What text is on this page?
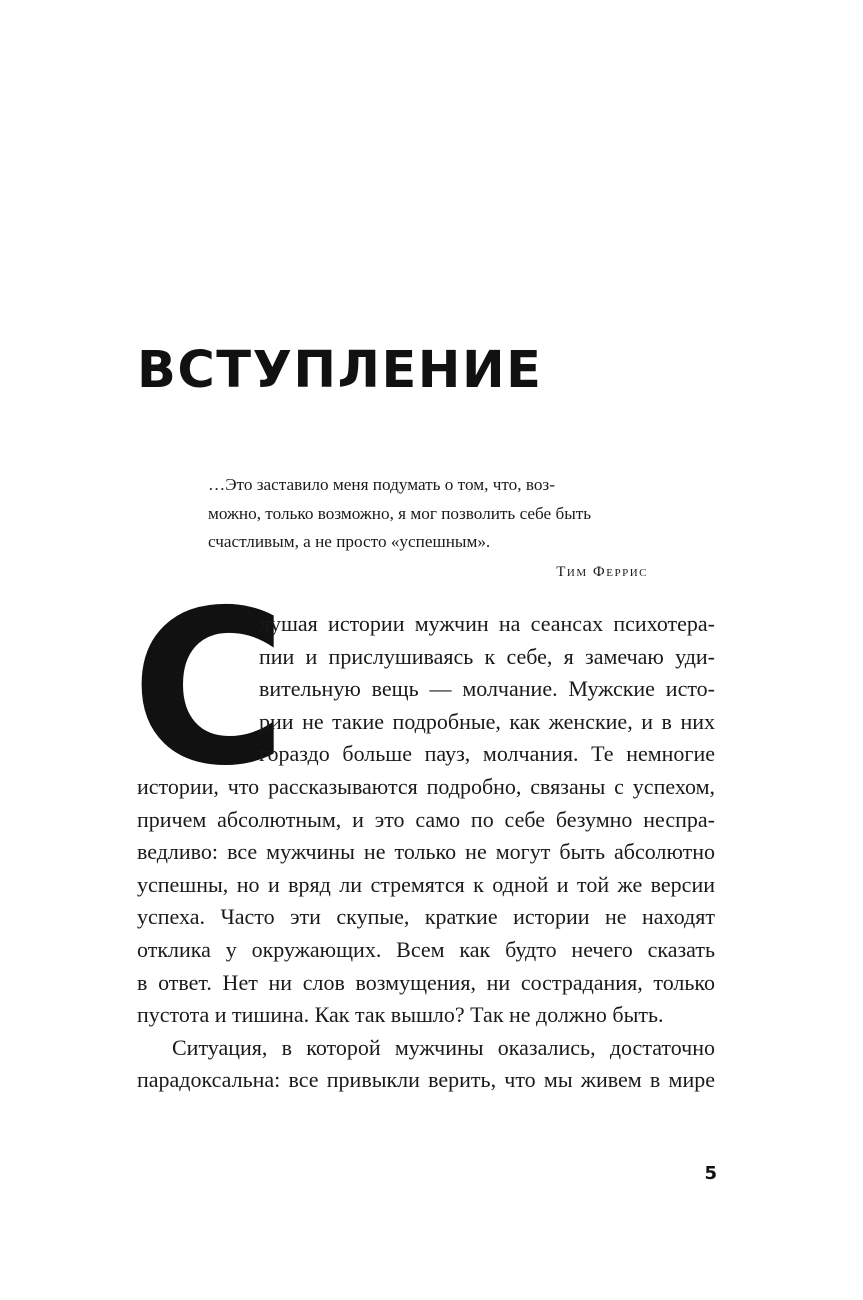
ВСТУПЛЕНИЕ
…Это заставило меня подумать о том, что, воз-
можно, только возможно, я мог позволить себе быть
счастливым, а не просто «успешным».
Тим Феррис
С
лушая истории мужчин на сеансах психотера-
пии и прислушиваясь к себе, я замечаю уди-
вительную вещь — молчание. Мужские исто-
рии не такие подробные, как женские, и в них
гораздо больше пауз, молчания. Те немногие
истории, что рассказываются подробно, связаны с успехом,
причем абсолютным, и это само по себе безумно неспра-
ведливо: все мужчины не только не могут быть абсолютно
успешны, но и вряд ли стремятся к одной и той же версии
успеха. Часто эти скупые, краткие истории не находят
отклика у окружающих. Всем как будто нечего сказать
в ответ. Нет ни слов возмущения, ни сострадания, только
пустота и тишина. Как так вышло? Так не должно быть.
Ситуация, в которой мужчины оказались, достаточно
парадоксальна: все привыкли верить, что мы живем в мире
5
